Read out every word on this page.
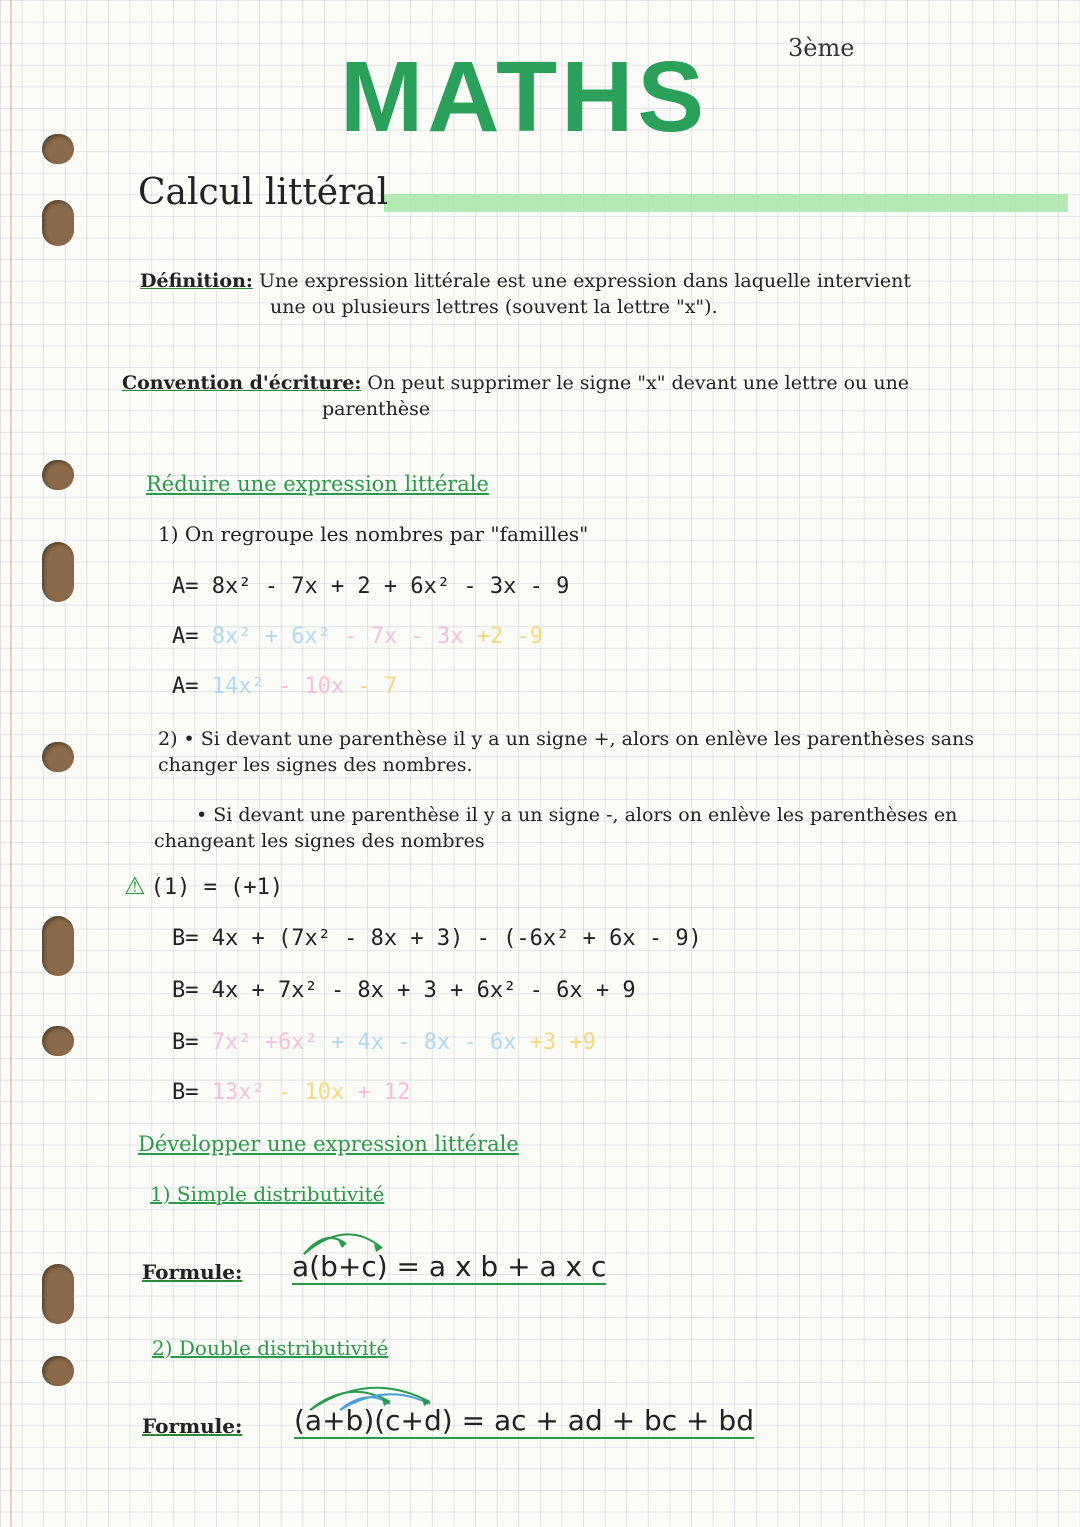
MATHS	3ème
Calcul littéral
Définition: Une expression littérale est une expression dans laquelle intervient
une ou plusieurs lettres (souvent la lettre "x").
Convention d'écriture: On peut supprimer le signe "x" devant une lettre ou une
parenthèse
Réduire une expression littérale
1) On regroupe les nombres par "familles"
A= 8x² - 7x + 2 + 6x² - 3x - 9
A= 8x² + 6x² - 7x - 3x +2 -9
A= 14x² - 10x - 7
2) • Si devant une parenthèse il y a un signe +, alors on enlève les parenthèses sans
changer les signes des nombres.
• Si devant une parenthèse il y a un signe -, alors on enlève les parenthèses en
changeant les signes des nombres
⚠ (1) = (+1)
B= 4x + (7x² - 8x + 3) - (-6x² + 6x - 9)
B= 4x + 7x² - 8x + 3 + 6x² - 6x + 9
B= 7x² +6x² + 4x - 8x - 6x +3 +9
B= 13x² - 10x + 12
Développer une expression littérale
1) Simple distributivité
Formule: a(b+c) = a x b + a x c
2) Double distributivité
Formule: (a+b)(c+d) = ac + ad + bc + bd
